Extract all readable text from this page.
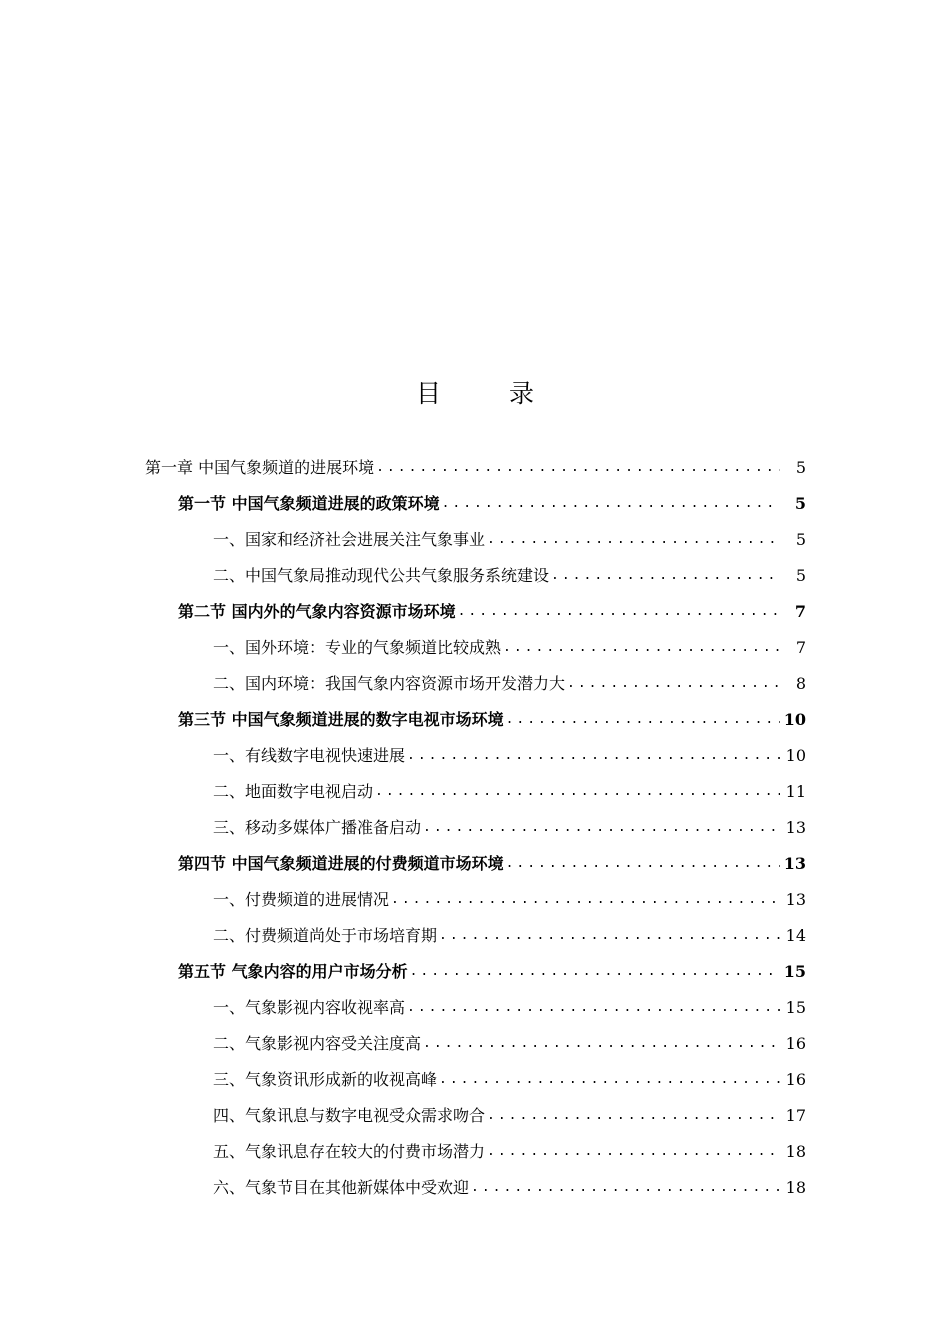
目 录
第一章 中国气象频道的进展环境 .....	5
第一节 中国气象频道进展的政策环境 .....	5
一、国家和经济社会进展关注气象事业 .....	5
二、中国气象局推动现代公共气象服务系统建设 .....	5
第二节 国内外的气象内容资源市场环境 .....	7
一、国外环境：专业的气象频道比较成熟 .....	7
二、国内环境：我国气象内容资源市场开发潜力大 .....	8
第三节 中国气象频道进展的数字电视市场环境 .....	10
一、有线数字电视快速进展 .....	10
二、地面数字电视启动 .....	11
三、移动多媒体广播准备启动 .....	13
第四节 中国气象频道进展的付费频道市场环境 .....	13
一、付费频道的进展情况 .....	13
二、付费频道尚处于市场培育期 .....	14
第五节 气象内容的用户市场分析 .....	15
一、气象影视内容收视率高 .....	15
二、气象影视内容受关注度高 .....	16
三、气象资讯形成新的收视高峰 .....	16
四、气象讯息与数字电视受众需求吻合 .....	17
五、气象讯息存在较大的付费市场潜力 .....	18
六、气象节目在其他新媒体中受欢迎 .....	18
